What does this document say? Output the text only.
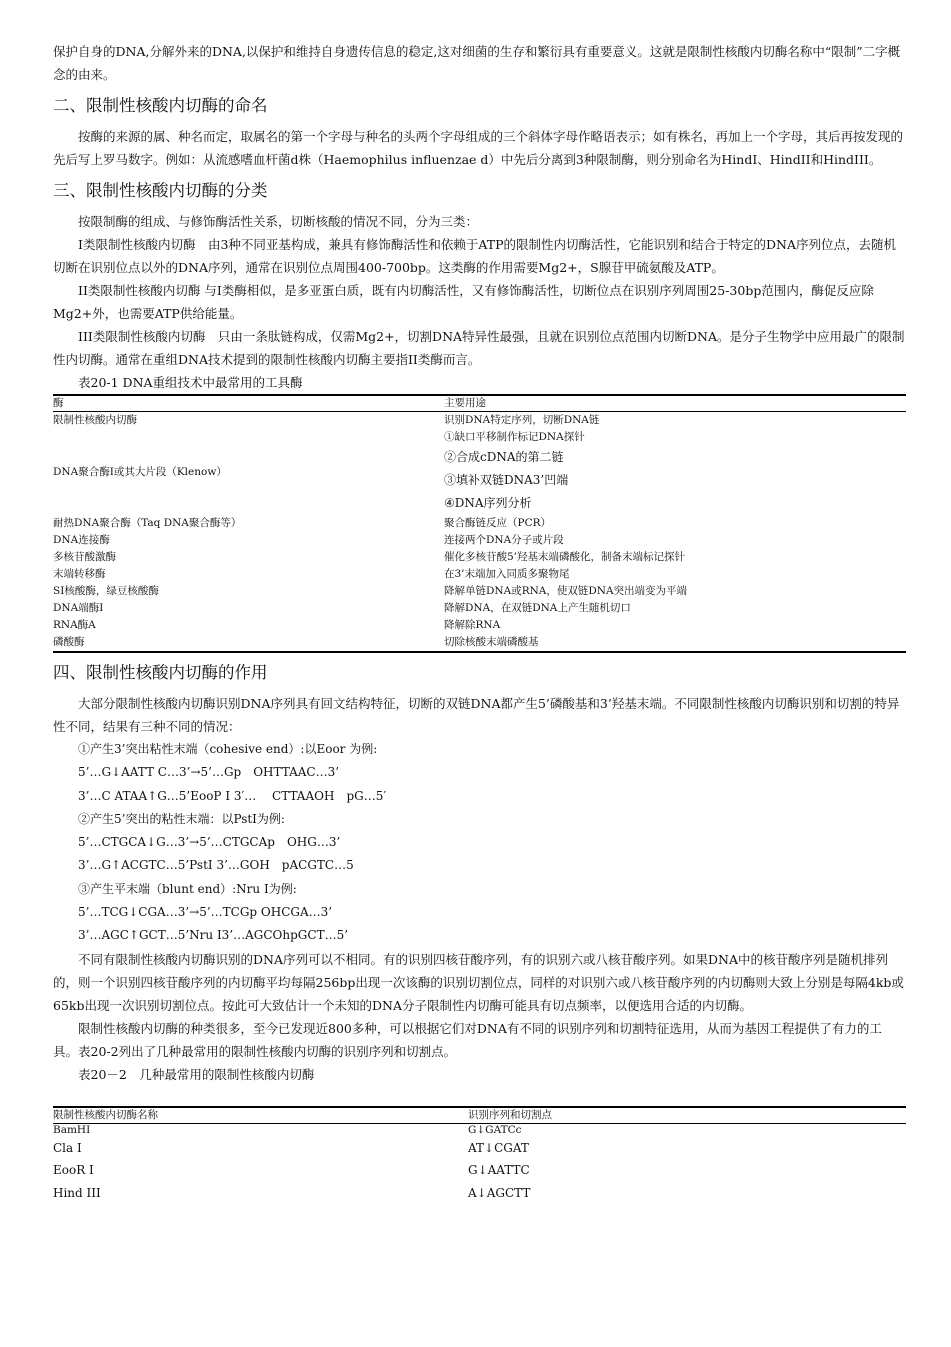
保护自身的DNA,分解外来的DNA,以保护和维持自身遗传信息的稳定,这对细菌的生存和繁衍具有重要意义。这就是限制性核酸内切酶名称中“限制”二字概念的由来。

二、限制性核酸内切酶的命名

按酶的来源的属、种名而定，取属名的第一个字母与种名的头两个字母组成的三个斜体字母作略语表示；如有株名，再加上一个字母，其后再按发现的先后写上罗马数字。例如：从流感嗜血杆菌d株（Haemophilus influenzae d）中先后分离到3种限制酶，则分别命名为HindI、HindII和HindIII。

三、限制性核酸内切酶的分类

按限制酶的组成、与修饰酶活性关系，切断核酸的情况不同，分为三类：

I类限制性核酸内切酶　由3种不同亚基构成，兼具有修饰酶活性和依赖于ATP的限制性内切酶活性，它能识别和结合于特定的DNA序列位点，去随机切断在识别位点以外的DNA序列，通常在识别位点周围400-700bp。这类酶的作用需要Mg2+，S腺苷甲硫氨酸及ATP。

II类限制性核酸内切酶 与I类酶相似，是多亚蛋白质，既有内切酶活性，又有修饰酶活性，切断位点在识别序列周围25-30bp范围内，酶促反应除Mg2+外，也需要ATP供给能量。

III类限制性核酸内切酶　只由一条肽链构成，仅需Mg2+，切割DNA特异性最强，且就在识别位点范围内切断DNA。是分子生物学中应用最广的限制性内切酶。通常在重组DNA技术提到的限制性核酸内切酶主要指II类酶而言。

表20-1 DNA重组技术中最常用的工具酶
酶	主要用途
限制性核酸内切酶	识别DNA特定序列，切断DNA链
DNA聚合酶I或其大片段（Klenow）	①缺口平移制作标记DNA探针
②合成cDNA的第二链
③填补双链DNA3’凹端
④DNA序列分析

耐热DNA聚合酶（Taq DNA聚合酶等）	聚合酶链反应（PCR）
DNA连接酶	连接两个DNA分子或片段
多核苷酸激酶	催化多核苷酸5’羟基末端磷酸化，制备末端标记探针
末端转移酶	在3’末端加入同质多聚物尾
SI核酸酶，绿豆核酸酶	降解单链DNA或RNA，使双链DNA突出端变为平端
DNA端酶I	降解DNA，在双链DNA上产生随机切口
RNA酶A	降解除RNA
磷酸酶	切除核酸末端磷酸基
四、限制性核酸内切酶的作用

大部分限制性核酸内切酶识别DNA序列具有回文结构特征，切断的双链DNA都产生5’磷酸基和3’羟基末端。不同限制性核酸内切酶识别和切割的特异性不同，结果有三种不同的情况：

①产生3’突出粘性末端（cohesive end）:以Eoor 为例:
5’…G↓AATT C…3’→5’…Gp　OHTTAAC…3’
3’…C ATAA↑G…5’EooP I 3′…　 CTTAAOH　pG…5′
②产生5’突出的粘性末端：以PstI为例:
5’…CTGCA↓G…3’→5’…CTGCAp　OHG…3’
3’…G↑ACGTC…5’PstI 3’…GOH　pACGTC…5
③产生平末端（blunt end）:Nru I为例:
5’…TCG↓CGA…3’→5’…TCGp OHCGA…3’
3’…AGC↑GCT…5’Nru I3’…AGCOhpGCT…5’

不同有限制性核酸内切酶识别的DNA序列可以不相同。有的识别四核苷酸序列，有的识别六或八核苷酸序列。如果DNA中的核苷酸序列是随机排列的，则一个识别四核苷酸序列的内切酶平均每隔256bp出现一次该酶的识别切割位点，同样的对识别六或八核苷酸序列的内切酶则大致上分别是每隔4kb或65kb出现一次识别切割位点。按此可大致估计一个未知的DNA分子限制性内切酶可能具有切点频率，以便选用合适的内切酶。

限制性核酸内切酶的种类很多，至今已发现近800多种，可以根据它们对DNA有不同的识别序列和切割特征选用，从而为基因工程提供了有力的工具。表20-2列出了几种最常用的限制性核酸内切酶的识别序列和切割点。

表20－2　几种最常用的限制性核酸内切酶
限制性核酸内切酶名称	识别序列和切割点
BamHI	G↓GATCc
Cla I	AT↓CGAT
EooR I	G↓AATTC
Hind III	A↓AGCTT
